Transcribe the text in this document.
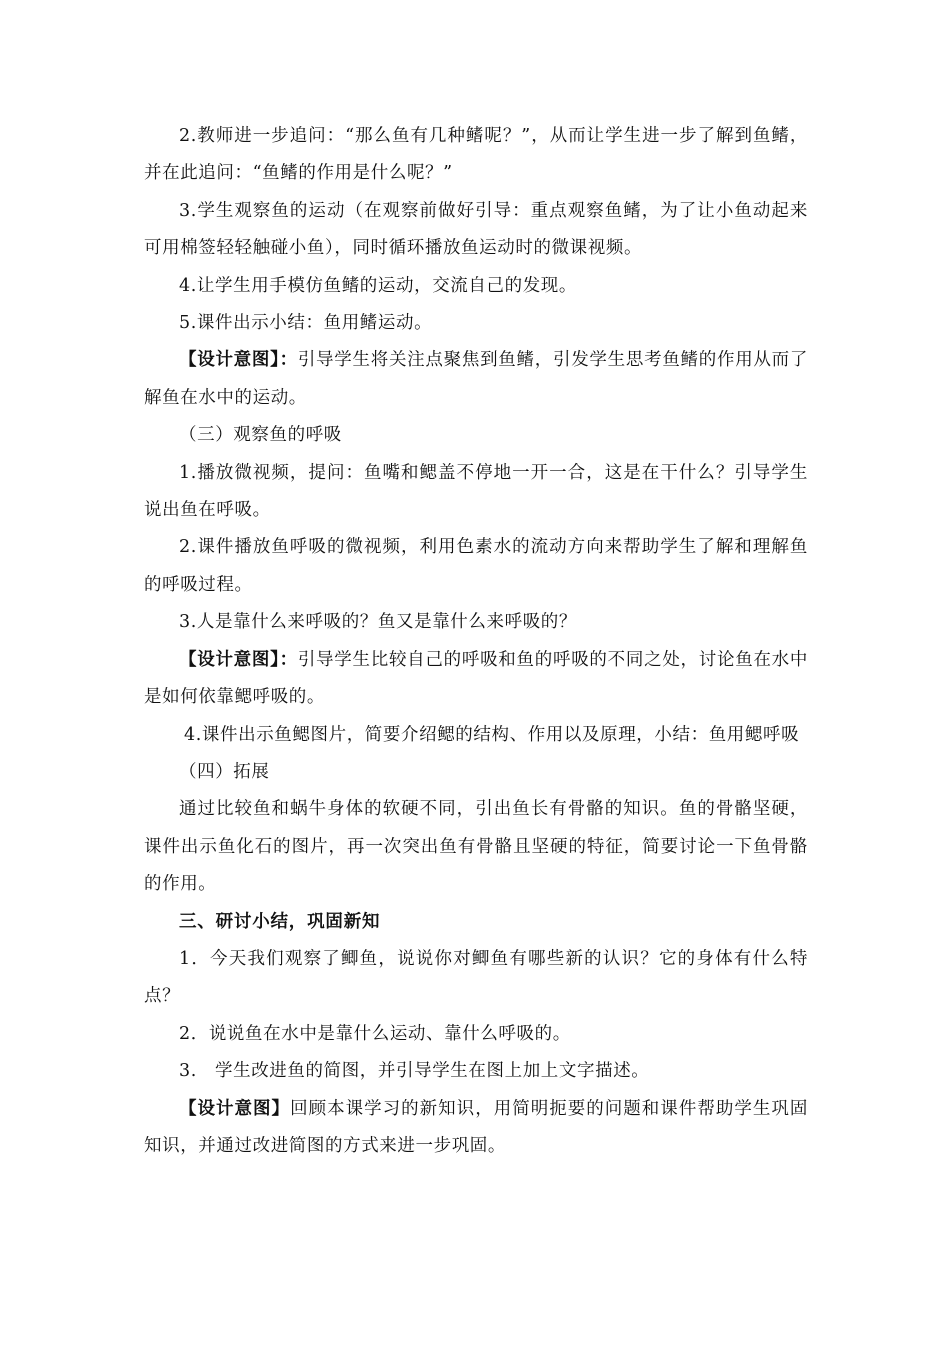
2.教师进一步追问：“那么鱼有几种鳍呢？”，从而让学生进一步了解到鱼鳍，并在此追问：“鱼鳍的作用是什么呢？”

3.学生观察鱼的运动（在观察前做好引导：重点观察鱼鳍，为了让小鱼动起来可用棉签轻轻触碰小鱼），同时循环播放鱼运动时的微课视频。

4.让学生用手模仿鱼鳍的运动，交流自己的发现。

5.课件出示小结：鱼用鳍运动。

【设计意图】：引导学生将关注点聚焦到鱼鳍，引发学生思考鱼鳍的作用从而了解鱼在水中的运动。

（三）观察鱼的呼吸

1.播放微视频，提问：鱼嘴和鳃盖不停地一开一合，这是在干什么？引导学生说出鱼在呼吸。

2.课件播放鱼呼吸的微视频，利用色素水的流动方向来帮助学生了解和理解鱼的呼吸过程。

3.人是靠什么来呼吸的？鱼又是靠什么来呼吸的？

【设计意图】：引导学生比较自己的呼吸和鱼的呼吸的不同之处，讨论鱼在水中是如何依靠鳃呼吸的。

4.课件出示鱼鳃图片，简要介绍鳃的结构、作用以及原理，小结：鱼用鳃呼吸

（四）拓展

通过比较鱼和蜗牛身体的软硬不同，引出鱼长有骨骼的知识。鱼的骨骼坚硬，课件出示鱼化石的图片，再一次突出鱼有骨骼且坚硬的特征，简要讨论一下鱼骨骼的作用。

三、研讨小结，巩固新知

1．今天我们观察了鲫鱼，说说你对鲫鱼有哪些新的认识？它的身体有什么特点？

2．说说鱼在水中是靠什么运动、靠什么呼吸的。

3.　学生改进鱼的简图，并引导学生在图上加上文字描述。

【设计意图】回顾本课学习的新知识，用简明扼要的问题和课件帮助学生巩固知识，并通过改进简图的方式来进一步巩固。
